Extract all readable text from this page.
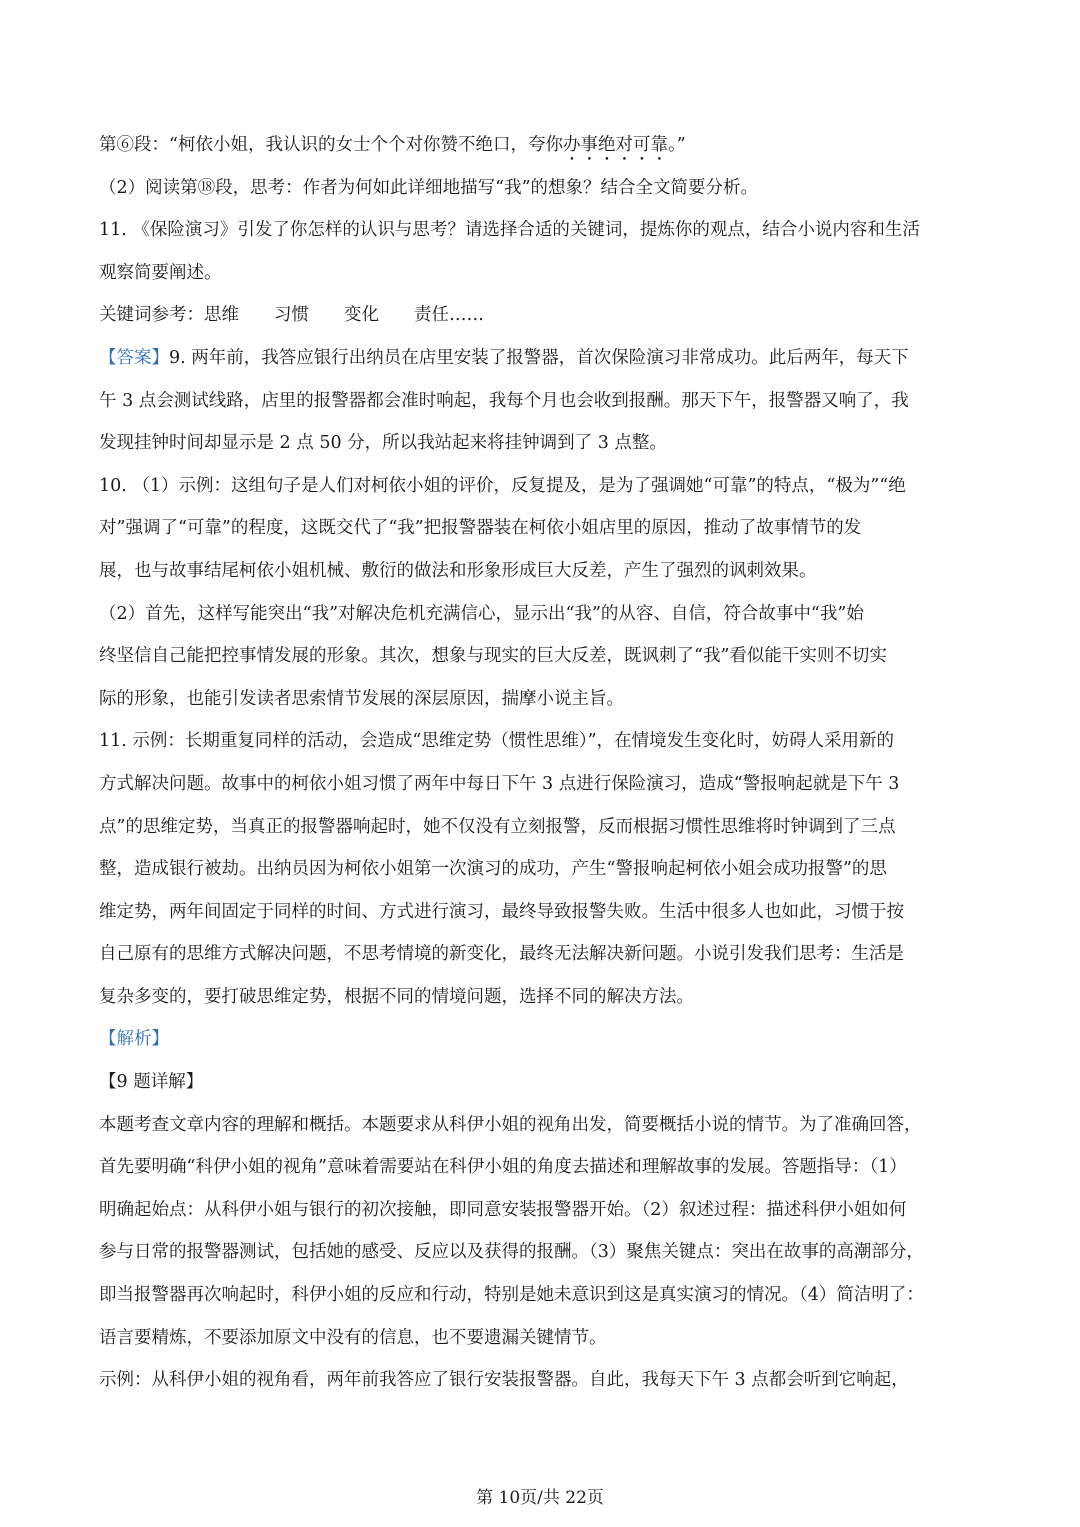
第⑥段：“柯依小姐，我认识的女士个个对你赞不绝口，夸你办事绝对可靠。”
（2）阅读第⑱段，思考：作者为何如此详细地描写“我”的想象？结合全文简要分析。
11. 《保险演习》引发了你怎样的认识与思考？请选择合适的关键词，提炼你的观点，结合小说内容和生活
观察简要阐述。
关键词参考：思维　　习惯　　变化　　责任……
【答案】9. 两年前，我答应银行出纳员在店里安装了报警器，首次保险演习非常成功。此后两年，每天下
午 3 点会测试线路，店里的报警器都会准时响起，我每个月也会收到报酬。那天下午，报警器又响了，我
发现挂钟时间却显示是 2 点 50 分，所以我站起来将挂钟调到了 3 点整。
10. （1）示例：这组句子是人们对柯依小姐的评价，反复提及，是为了强调她“可靠”的特点，“极为”“绝
对”强调了“可靠”的程度，这既交代了“我”把报警器装在柯依小姐店里的原因，推动了故事情节的发
展，也与故事结尾柯依小姐机械、敷衍的做法和形象形成巨大反差，产生了强烈的讽刺效果。
（2）首先，这样写能突出“我”对解决危机充满信心，显示出“我”的从容、自信，符合故事中“我”始
终坚信自己能把控事情发展的形象。其次，想象与现实的巨大反差，既讽刺了“我”看似能干实则不切实
际的形象，也能引发读者思索情节发展的深层原因，揣摩小说主旨。
11. 示例：长期重复同样的活动，会造成“思维定势（惯性思维）”，在情境发生变化时，妨碍人采用新的
方式解决问题。故事中的柯依小姐习惯了两年中每日下午 3 点进行保险演习，造成“警报响起就是下午 3
点”的思维定势，当真正的报警器响起时，她不仅没有立刻报警，反而根据习惯性思维将时钟调到了三点
整，造成银行被劫。出纳员因为柯依小姐第一次演习的成功，产生“警报响起柯依小姐会成功报警”的思
维定势，两年间固定于同样的时间、方式进行演习，最终导致报警失败。生活中很多人也如此，习惯于按
自己原有的思维方式解决问题，不思考情境的新变化，最终无法解决新问题。小说引发我们思考：生活是
复杂多变的，要打破思维定势，根据不同的情境问题，选择不同的解决方法。
【解析】
【9 题详解】
本题考查文章内容的理解和概括。本题要求从科伊小姐的视角出发，简要概括小说的情节。为了准确回答，
首先要明确“科伊小姐的视角”意味着需要站在科伊小姐的角度去描述和理解故事的发展。答题指导：（1）
明确起始点：从科伊小姐与银行的初次接触，即同意安装报警器开始。（2）叙述过程：描述科伊小姐如何
参与日常的报警器测试，包括她的感受、反应以及获得的报酬。（3）聚焦关键点：突出在故事的高潮部分，
即当报警器再次响起时，科伊小姐的反应和行动，特别是她未意识到这是真实演习的情况。（4）简洁明了：
语言要精炼，不要添加原文中没有的信息，也不要遗漏关键情节。
示例：从科伊小姐的视角看，两年前我答应了银行安装报警器。自此，我每天下午 3 点都会听到它响起，
第 10页/共 22页
